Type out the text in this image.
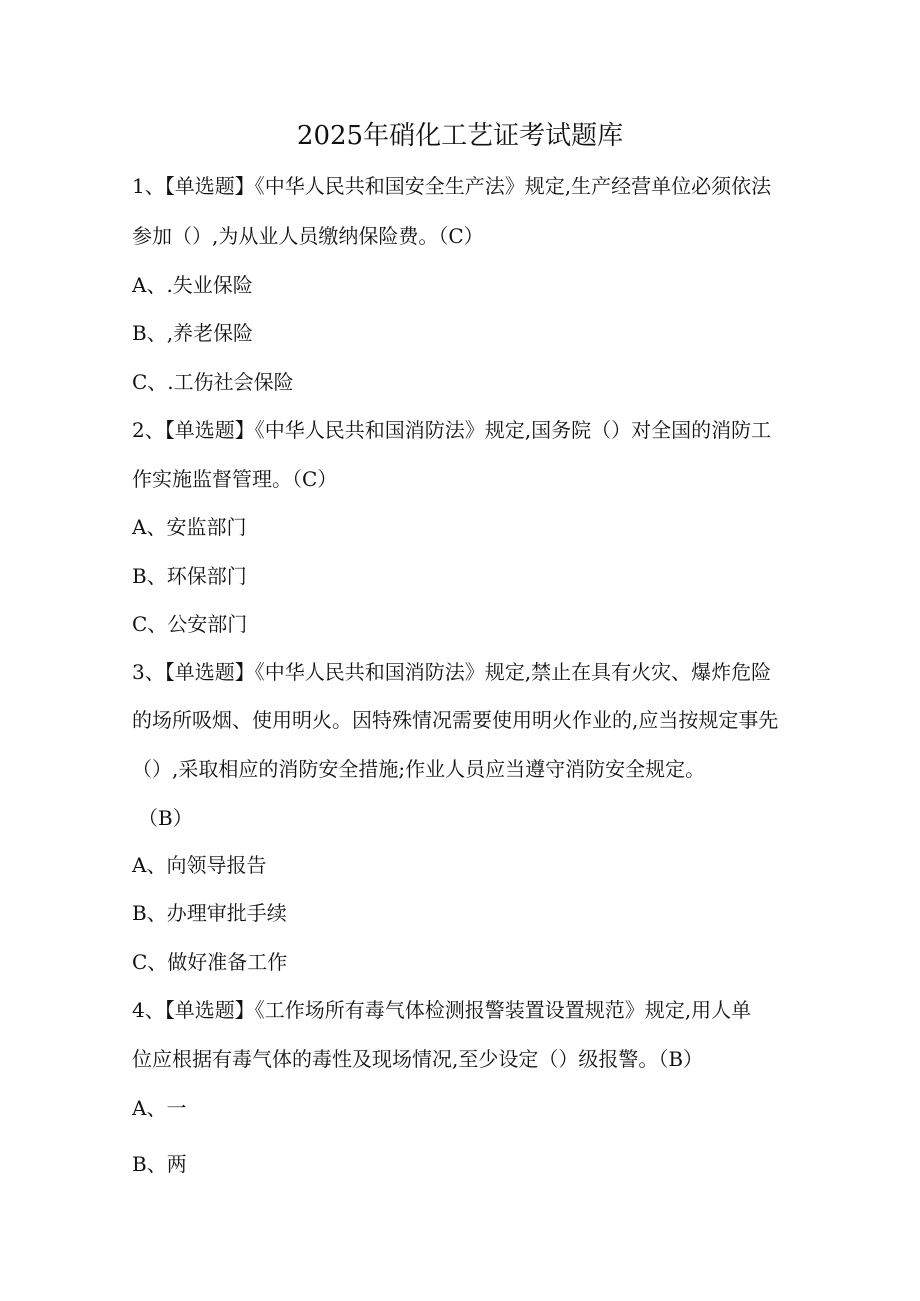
2025年硝化工艺证考试题库
1、【单选题】《中华人民共和国安全生产法》规定,生产经营单位必须依法
参加（）,为从业人员缴纳保险费。（C）
A、.失业保险
B、,养老保险
C、.工伤社会保险
2、【单选题】《中华人民共和国消防法》规定,国务院（）对全国的消防工
作实施监督管理。（C）
A、安监部门
B、环保部门
C、公安部门
3、【单选题】《中华人民共和国消防法》规定,禁止在具有火灾、爆炸危险
的场所吸烟、使用明火。因特殊情况需要使用明火作业的,应当按规定事先
（）,采取相应的消防安全措施;作业人员应当遵守消防安全规定。
（B）
A、向领导报告
B、办理审批手续
C、做好准备工作
4、【单选题】《工作场所有毒气体检测报警装置设置规范》规定,用人单
位应根据有毒气体的毒性及现场情况,至少设定（）级报警。（B）
A、一
B、两
